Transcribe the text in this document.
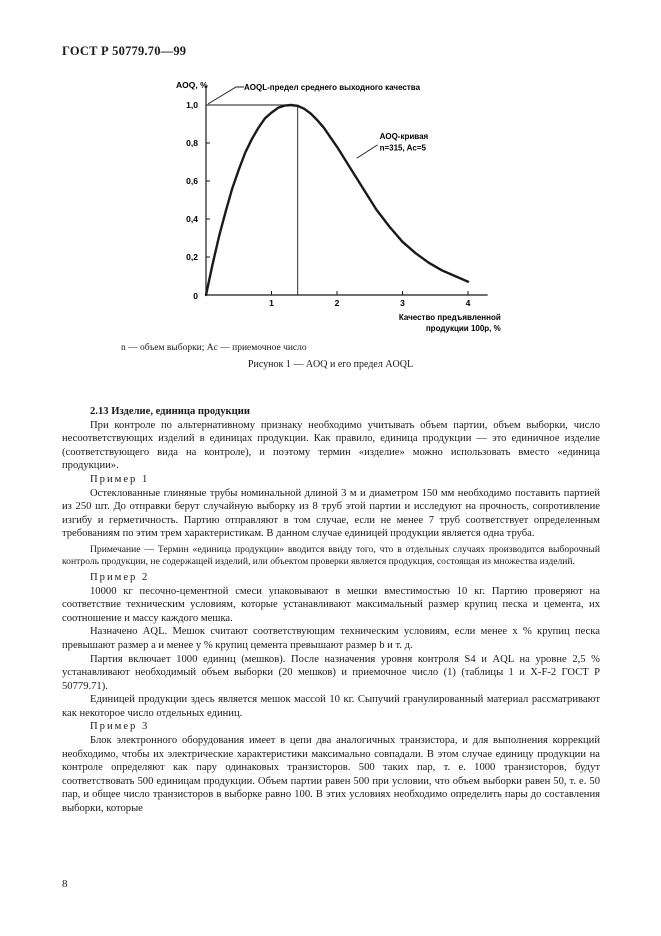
ГОСТ Р 50779.70—99
AOQ, %
Качество предъявленной
продукции 100p, %
0
0,2
0,4
0,6
0,8
1,0
1	2	3	4
AOQL-предел среднего выходного качества
AOQ-кривая
n=315, Ac=5
n — объем выборки; Ac — приемочное число
Рисунок 1 — AOQ и его предел AOQL

2.13 Изделие, единица продукции

При контроле по альтернативному признаку необходимо учитывать объем партии, объем выборки, число несоответствующих изделий в единицах продукции. Как правило, единица продукции — это единичное изделие (соответствующего вида на контроле), и поэтому термин «изделие» можно использовать вместо «единица продукции».

Пример 1

Остеклованные глиняные трубы номинальной длиной 3 м и диаметром 150 мм необходимо поставить партией из 250 шт. До отправки берут случайную выборку из 8 труб этой партии и исследуют на прочность, сопротивление изгибу и герметичность. Партию отправляют в том случае, если не менее 7 труб соответствует определенным требованиям по этим трем характеристикам. В данном случае единицей продукции является одна труба.

Примечание — Термин «единица продукции» вводится ввиду того, что в отдельных случаях производится выборочный контроль продукции, не содержащей изделий, или объектом проверки является продукция, состоящая из множества изделий.

Пример 2

10000 кг песочно-цементной смеси упаковывают в мешки вместимостью 10 кг. Партию проверяют на соответствие техническим условиям, которые устанавливают максимальный размер крупиц песка и цемента, их соотношение и массу каждого мешка.

Назначено AQL. Мешок считают соответствующим техническим условиям, если менее x % крупиц песка превышают размер a и менее y % крупиц цемента превышают размер b и т. д.

Партия включает 1000 единиц (мешков). После назначения уровня контроля S4 и AQL на уровне 2,5 % устанавливают необходимый объем выборки (20 мешков) и приемочное число (1) (таблицы 1 и X-F-2 ГОСТ Р 50779.71).

Единицей продукции здесь является мешок массой 10 кг. Сыпучий гранулированный материал рассматривают как некоторое число отдельных единиц.

Пример 3

Блок электронного оборудования имеет в цепи два аналогичных транзистора, и для выполнения коррекций необходимо, чтобы их электрические характеристики максимально совпадали. В этом случае единицу продукции на контроле определяют как пару одинаковых транзисторов. 500 таких пар, т. е. 1000 транзисторов, будут соответствовать 500 единицам продукции. Объем партии равен 500 при условии, что объем выборки равен 50, т. е. 50 пар, и общее число транзисторов в выборке равно 100. В этих условиях необходимо определить пары до составления выборки, которые

8
